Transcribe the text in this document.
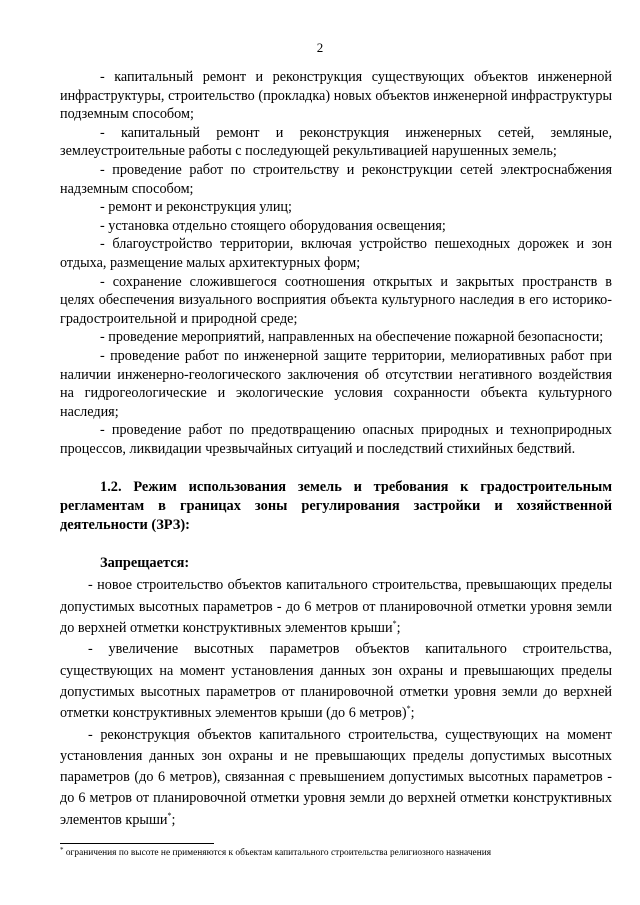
2

- капитальный ремонт и реконструкция существующих объектов инженерной инфраструктуры, строительство (прокладка) новых объектов инженерной инфраструктуры подземным способом;

- капитальный ремонт и реконструкция инженерных сетей, земляные, землеустроительные работы с последующей рекультивацией нарушенных земель;

- проведение работ по строительству и реконструкции сетей электроснабжения надземным способом;

- ремонт и реконструкция улиц;

- установка отдельно стоящего оборудования освещения;

- благоустройство территории, включая устройство пешеходных дорожек и зон отдыха, размещение малых архитектурных форм;

- сохранение сложившегося соотношения открытых и закрытых пространств в целях обеспечения визуального восприятия объекта культурного наследия в его историко-градостроительной и природной среде;

- проведение мероприятий, направленных на обеспечение пожарной безопасности;

- проведение работ по инженерной защите территории, мелиоративных работ при наличии инженерно-геологического заключения об отсутствии негативного воздействия на гидрогеологические и экологические условия сохранности объекта культурного наследия;

- проведение работ по предотвращению опасных природных и техноприродных процессов, ликвидации чрезвычайных ситуаций и последствий стихийных бедствий.

1.2. Режим использования земель и требования к градостроительным регламентам в границах зоны регулирования застройки и хозяйственной деятельности (ЗРЗ):

Запрещается:

- новое строительство объектов капитального строительства, превышающих пределы допустимых высотных параметров - до 6 метров от планировочной отметки уровня земли до верхней отметки конструктивных элементов крыши*;

- увеличение высотных параметров объектов капитального строительства, существующих на момент установления данных зон охраны и превышающих пределы допустимых высотных параметров от планировочной отметки уровня земли до верхней отметки конструктивных элементов крыши (до 6 метров)*;

- реконструкция объектов капитального строительства, существующих на момент установления данных зон охраны и не превышающих пределы допустимых высотных параметров (до 6 метров), связанная с превышением допустимых высотных параметров - до 6 метров от планировочной отметки уровня земли до верхней отметки конструктивных элементов крыши*;

* ограничения по высоте не применяются к объектам капитального строительства религиозного назначения
